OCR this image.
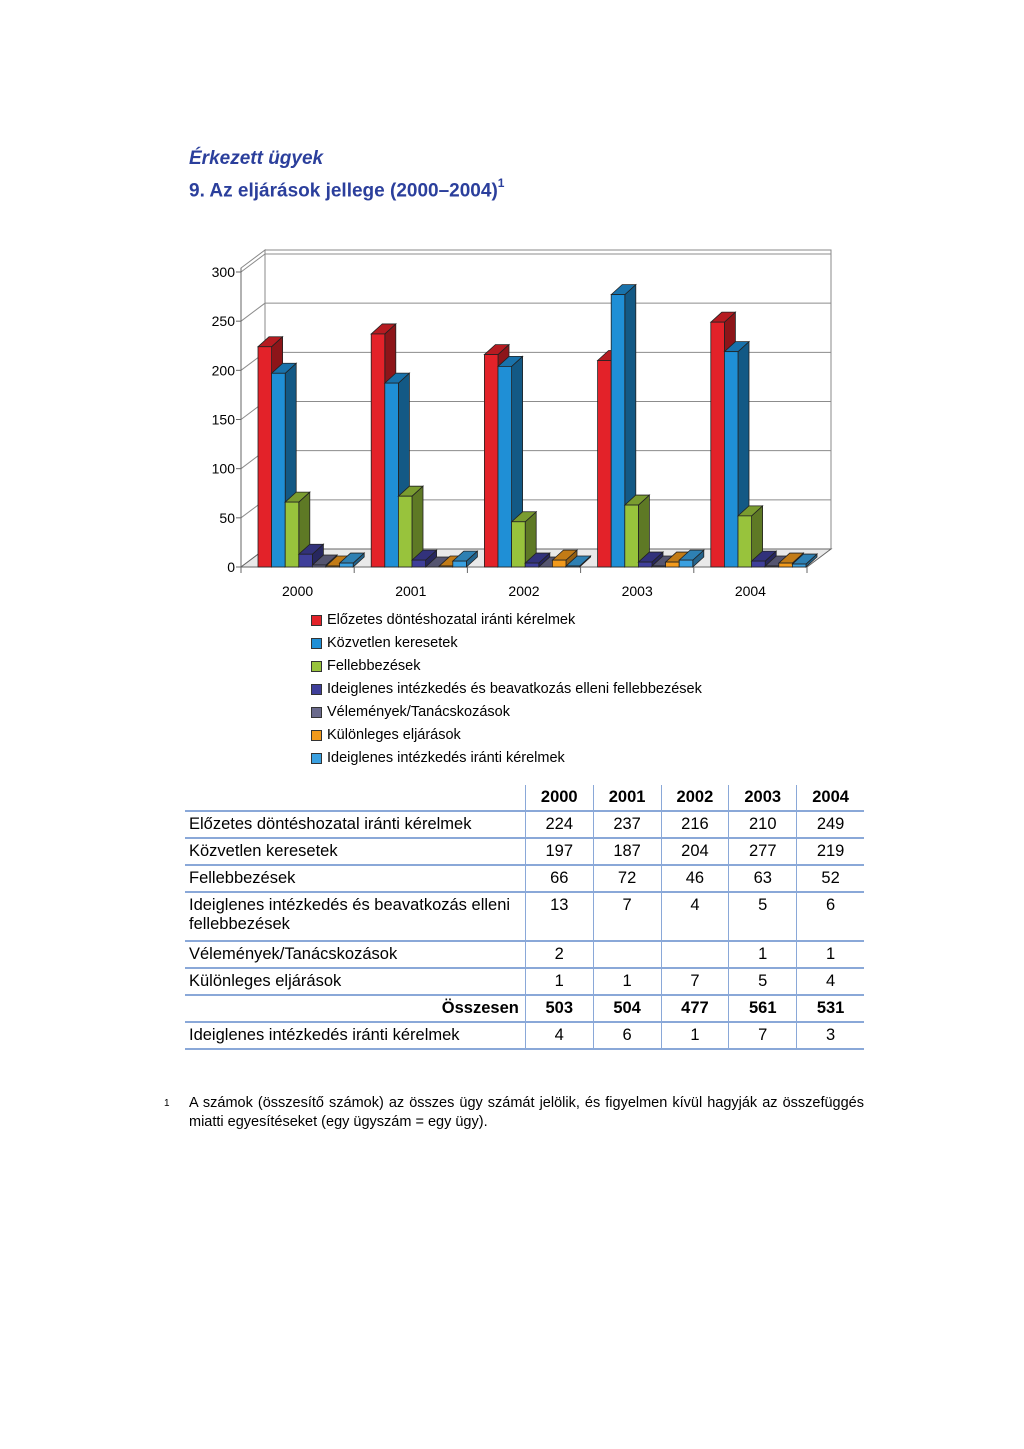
Érkezett ügyek
9. Az eljárások jellege (2000–2004)$^1$
0
50
100
150
200
250
300
2000	2001	2002	2003	2004
Előzetes döntéshozatal iránti kérelmek
Közvetlen keresetek
Fellebbezések
Ideiglenes intézkedés és beavatkozás elleni fellebbezések
Vélemények/Tanácskozások
Különleges eljárások
Ideiglenes intézkedés iránti kérelmek
	2000	2001	2002	2003	2004
Előzetes döntéshozatal iránti kérelmek	224	237	216	210	249
Közvetlen keresetek	197	187	204	277	219
Fellebbezések	66	72	46	63	52
Ideiglenes intézkedés és beavatkozás elleni fellebbezések	13	7	4	5	6
Vélemények/Tanácskozások	2			1	1
Különleges eljárások	1	1	7	5	4
Összesen	503	504	477	561	531
Ideiglenes intézkedés iránti kérelmek	4	6	1	7	3
1 A számok (összesítő számok) az összes ügy számát jelölik, és figyelmen kívül hagyják az összefüggés miatti egyesítéseket (egy ügyszám = egy ügy).
